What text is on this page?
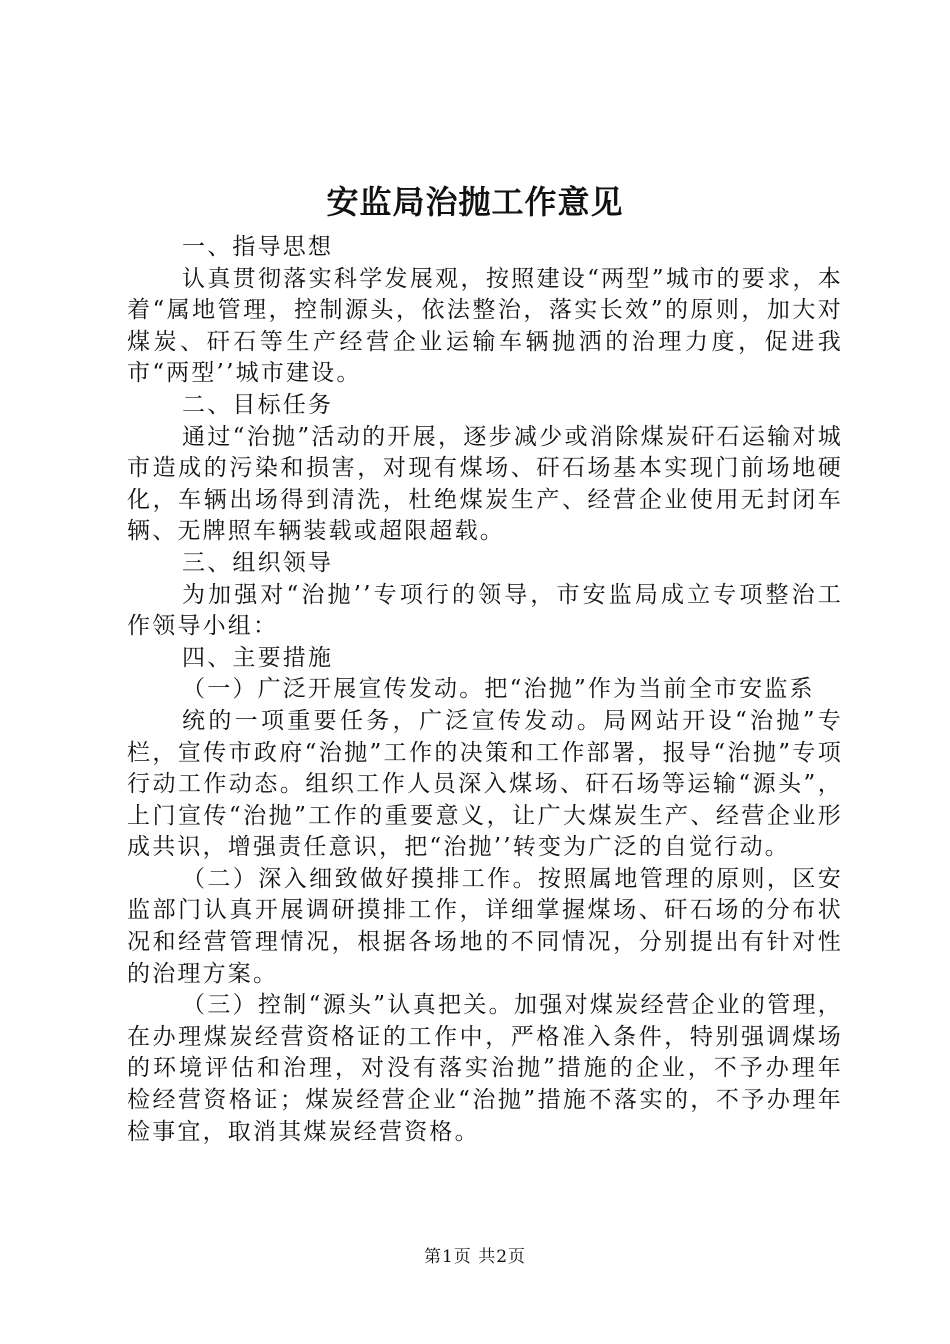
安监局治抛工作意见

一、指导思想

认真贯彻落实科学发展观，按照建设“两型”城市的要求，本着“属地管理，控制源头，依法整治，落实长效”的原则，加大对煤炭、矸石等生产经营企业运输车辆抛洒的治理力度，促进我市“两型’’城市建设。

二、目标任务

通过“治抛”活动的开展，逐步减少或消除煤炭矸石运输对城市造成的污染和损害，对现有煤场、矸石场基本实现门前场地硬化，车辆出场得到清洗，杜绝煤炭生产、经营企业使用无封闭车辆、无牌照车辆装载或超限超载。

三、组织领导

为加强对“治抛’’专项行的领导，市安监局成立专项整治工作领导小组：

四、主要措施

（一）广泛开展宣传发动。把“治抛”作为当前全市安监系

统的一项重要任务，广泛宣传发动。局网站开设“治抛”专栏，宣传市政府“治抛”工作的决策和工作部署，报导“治抛”专项行动工作动态。组织工作人员深入煤场、矸石场等运输“源头”，上门宣传“治抛”工作的重要意义，让广大煤炭生产、经营企业形成共识，增强责任意识，把“治抛’’转变为广泛的自觉行动。

（二）深入细致做好摸排工作。按照属地管理的原则，区安监部门认真开展调研摸排工作，详细掌握煤场、矸石场的分布状况和经营管理情况，根据各场地的不同情况，分别提出有针对性的治理方案。

（三）控制“源头”认真把关。加强对煤炭经营企业的管理，在办理煤炭经营资格证的工作中，严格准入条件，特别强调煤场的环境评估和治理，对没有落实治抛”措施的企业，不予办理年检经营资格证；煤炭经营企业“治抛”措施不落实的，不予办理年检事宜，取消其煤炭经营资格。

第1页 共2页
